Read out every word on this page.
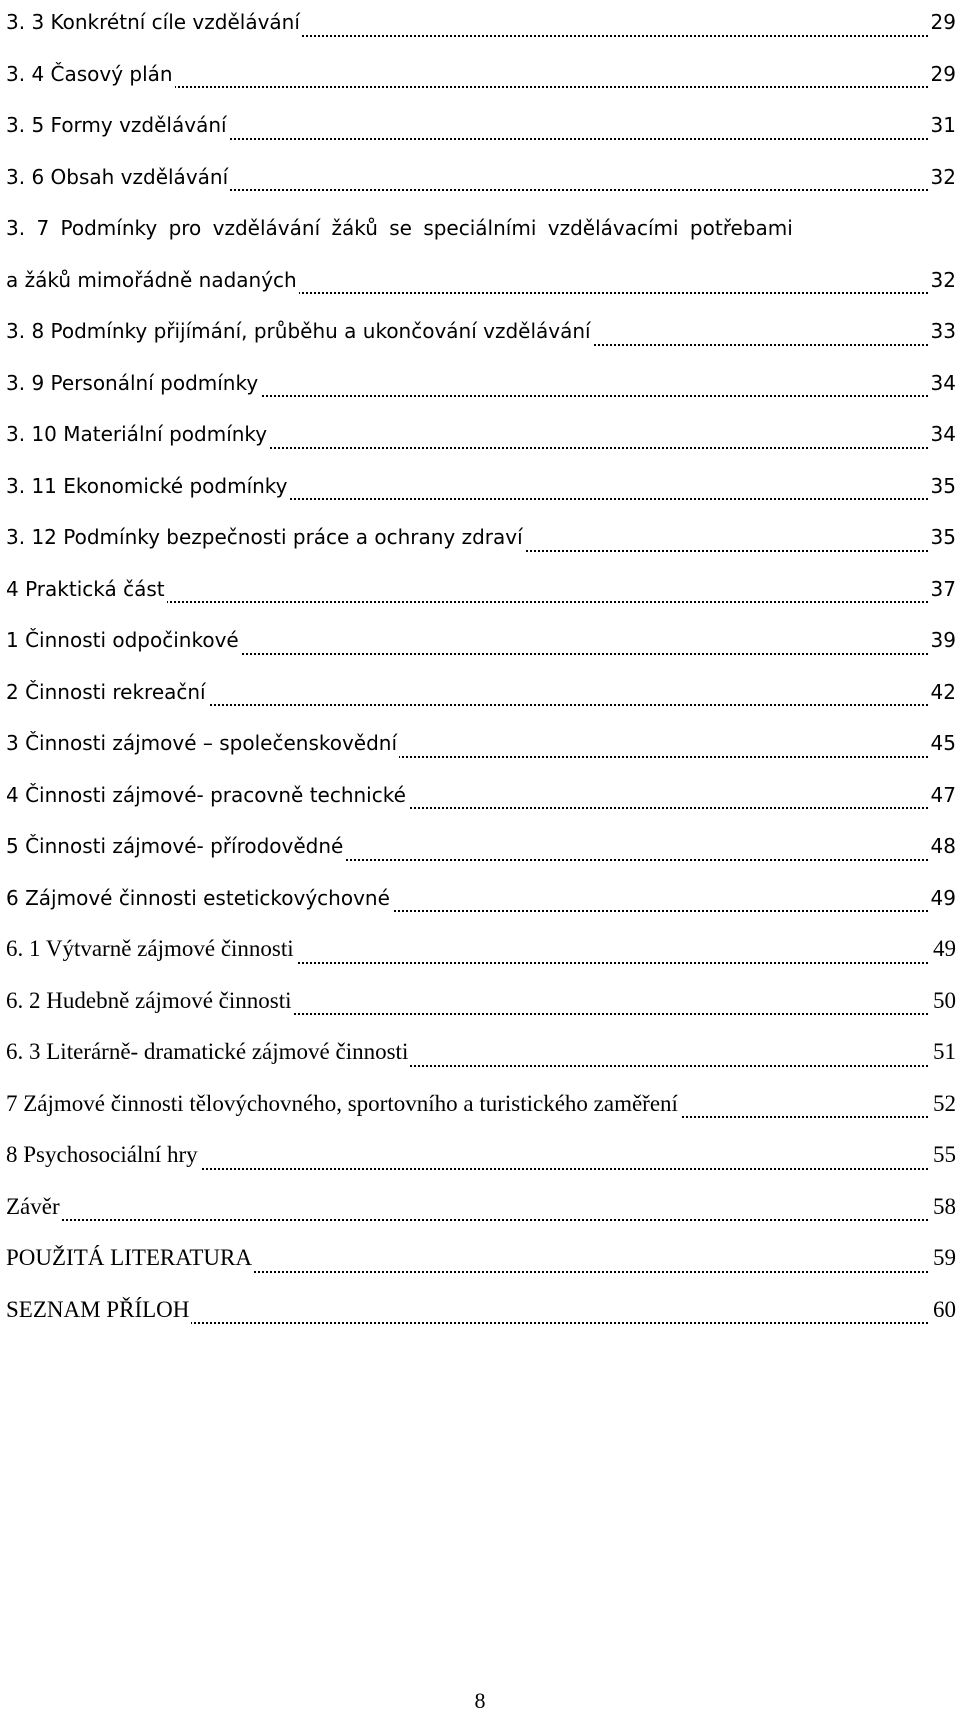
3. 3 Konkrétní cíle vzdělávání	29
3. 4 Časový plán	29
3. 5 Formy vzdělávání	31
3. 6 Obsah vzdělávání	32
3. 7 Podmínky pro vzdělávání žáků se speciálními vzdělávacími potřebami
a žáků mimořádně nadaných	32
3. 8 Podmínky přijímání, průběhu a ukončování vzdělávání	33
3. 9 Personální podmínky	34
3. 10 Materiální podmínky	34
3. 11 Ekonomické podmínky	35
3. 12 Podmínky bezpečnosti práce a ochrany zdraví	35
4 Praktická část	37
1 Činnosti odpočinkové	39
2 Činnosti rekreační	42
3 Činnosti zájmové – společenskovědní	45
4 Činnosti zájmové- pracovně technické	47
5 Činnosti zájmové- přírodovědné	48
6 Zájmové činnosti estetickovýchovné	49
6. 1 Výtvarně zájmové činnosti	49
6. 2 Hudebně zájmové činnosti	50
6. 3 Literárně- dramatické zájmové činnosti	51
7 Zájmové činnosti tělovýchovného, sportovního a turistického zaměření	52
8 Psychosociální hry	55
Závěr	58
POUŽITÁ LITERATURA	59
SEZNAM PŘÍLOH	60
8
